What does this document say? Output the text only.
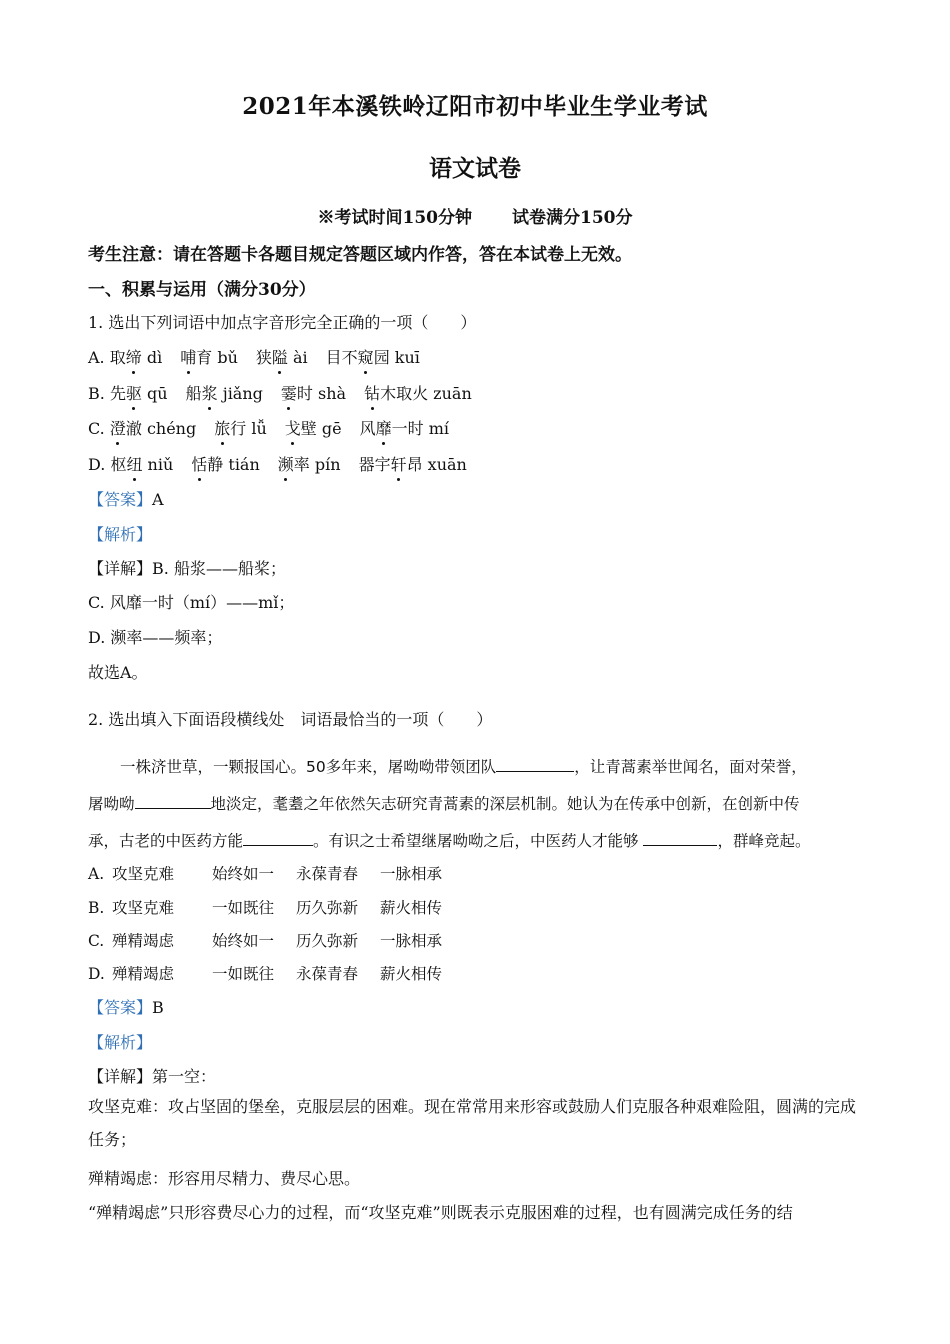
2021年本溪铁岭辽阳市初中毕业生学业考试
语文试卷
※考试时间150分钟 试卷满分150分
考生注意：请在答题卡各题目规定答题区域内作答，答在本试卷上无效。
一、积累与运用（满分30分）
1. 选出下列词语中加点字音形完全正确的一项（　　）
A. 取缔 dì 哺育 bǔ 狭隘 ài 目不窥园 kuī
B. 先驱 qū 船浆 jiǎng 霎时 shà 钻木取火 zuān
C. 澄澈 chéng 旅行 lǚ 戈壁 gē 风靡一时 mí
D. 枢纽 niǔ 恬静 tián 濒率 pín 器宇轩昂 xuān
【答案】A
【解析】
【详解】B. 船浆——船桨；
C. 风靡一时（mí）——mǐ；
D. 濒率——频率；
故选A。
2. 选出填入下面语段横线处　词语最恰当的一项（　　）
一株济世草，一颗报国心。50多年来，屠呦呦带领团队	，让青蒿素举世闻名，面对荣誉，
屠呦呦	地淡定，耄耋之年依然矢志研究青蒿素的深层机制。她认为在传承中创新，在创新中传
承，古老的中医药方能	。有识之士希望继屠呦呦之后，中医药人才能够	，群峰竞起。
A. 攻坚克难 始终如一 永葆青春 一脉相承
B. 攻坚克难 一如既往 历久弥新 薪火相传
C. 殚精竭虑 始终如一 历久弥新 一脉相承
D. 殚精竭虑 一如既往 永葆青春 薪火相传
【答案】B
【解析】
【详解】第一空：
攻坚克难：攻占坚固的堡垒，克服层层的困难。现在常常用来形容或鼓励人们克服各种艰难险阻，圆满的完成任务；
殚精竭虑：形容用尽精力、费尽心思。
“殚精竭虑”只形容费尽心力的过程，而“攻坚克难”则既表示克服困难的过程，也有圆满完成任务的结
